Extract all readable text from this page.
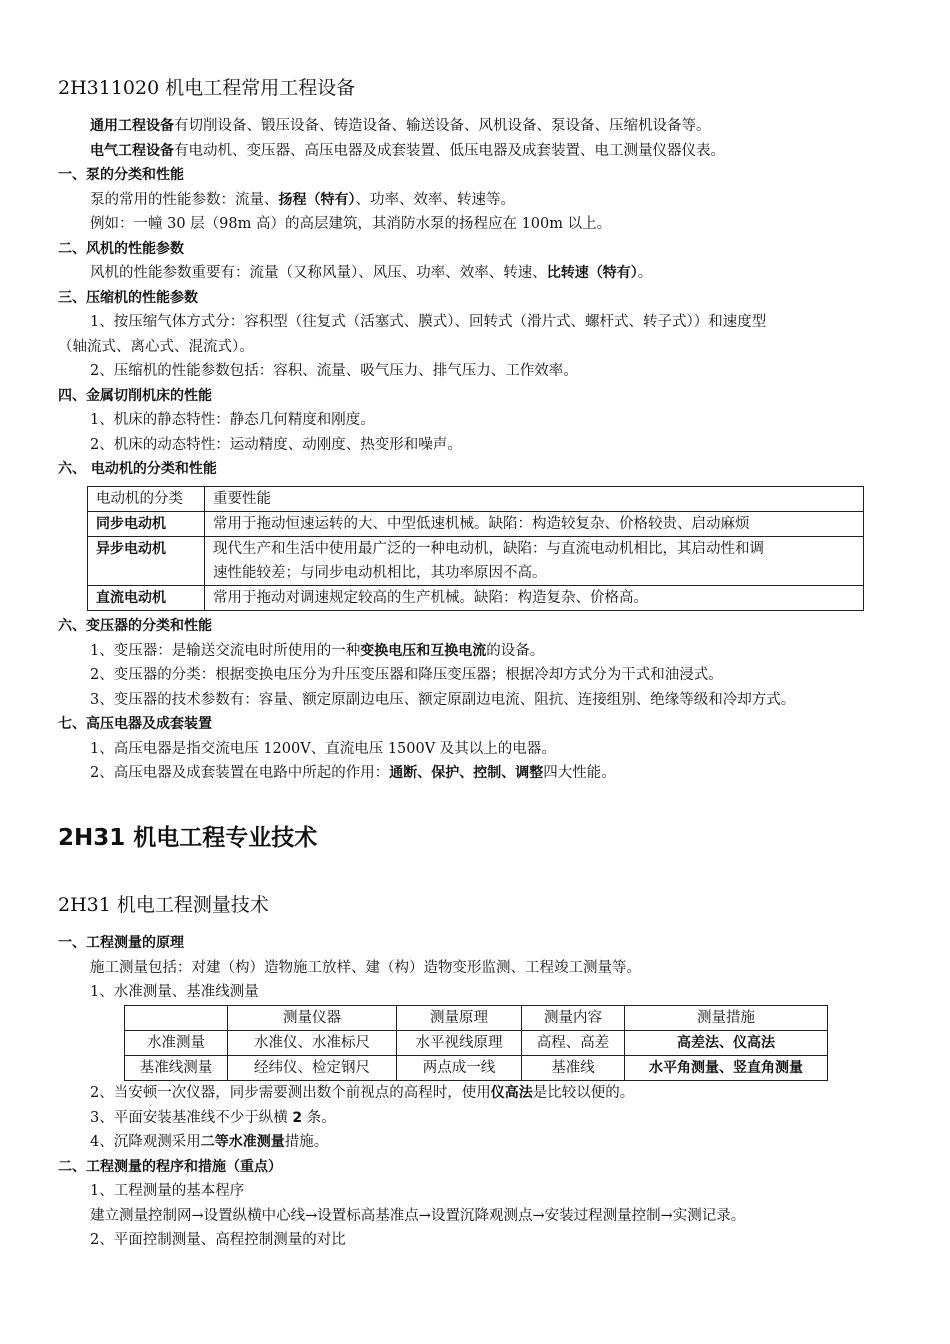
2H311020 机电工程常用工程设备

通用工程设备有切削设备、锻压设备、铸造设备、输送设备、风机设备、泵设备、压缩机设备等。

电气工程设备有电动机、变压器、高压电器及成套装置、低压电器及成套装置、电工测量仪器仪表。

一、泵的分类和性能

泵的常用的性能参数：流量、扬程（特有）、功率、效率、转速等。

例如：一幢 30 层（98m 高）的高层建筑，其消防水泵的扬程应在 100m 以上。

二、风机的性能参数

风机的性能参数重要有：流量（又称风量）、风压、功率、效率、转速、比转速（特有）。

三、压缩机的性能参数

1、按压缩气体方式分：容积型（往复式（活塞式、膜式）、回转式（滑片式、螺杆式、转子式））和速度型

（轴流式、离心式、混流式）。

2、压缩机的性能参数包括：容积、流量、吸气压力、排气压力、工作效率。

四、金属切削机床的性能

1、机床的静态特性：静态几何精度和刚度。

2、机床的动态特性：运动精度、动刚度、热变形和噪声。

六、 电动机的分类和性能

电动机的分类	重要性能
同步电动机	常用于拖动恒速运转的大、中型低速机械。缺陷：构造较复杂、价格较贵、启动麻烦
异步电动机	现代生产和生活中使用最广泛的一种电动机，缺陷：与直流电动机相比，其启动性和调
速性能较差；与同步电动机相比，其功率原因不高。

直流电动机	常用于拖动对调速规定较高的生产机械。缺陷：构造复杂、价格高。

六、变压器的分类和性能

1、变压器：是输送交流电时所使用的一种变换电压和互换电流的设备。

2、变压器的分类：根据变换电压分为升压变压器和降压变压器；根据冷却方式分为干式和油浸式。

3、变压器的技术参数有：容量、额定原副边电压、额定原副边电流、阻抗、连接组别、绝缘等级和冷却方式。

七、高压电器及成套装置

1、高压电器是指交流电压 1200V、直流电压 1500V 及其以上的电器。

2、高压电器及成套装置在电路中所起的作用：通断、保护、控制、调整四大性能。

2H31 机电工程专业技术
2H31 机电工程测量技术

一、工程测量的原理

施工测量包括：对建（构）造物施工放样、建（构）造物变形监测、工程竣工测量等。

1、水准测量、基准线测量

	测量仪器	测量原理	测量内容	测量措施
水准测量	水准仪、水准标尺	水平视线原理	高程、高差	高差法、仪高法
基准线测量	经纬仪、检定钢尺	两点成一线	基准线	水平角测量、竖直角测量

2、当安顿一次仪器，同步需要测出数个前视点的高程时，使用仪高法是比较以便的。

3、平面安装基准线不少于纵横 2 条。

4、沉降观测采用二等水准测量措施。

二、工程测量的程序和措施（重点）

1、工程测量的基本程序

建立测量控制网→设置纵横中心线→设置标高基准点→设置沉降观测点→安装过程测量控制→实测记录。

2、平面控制测量、高程控制测量的对比
